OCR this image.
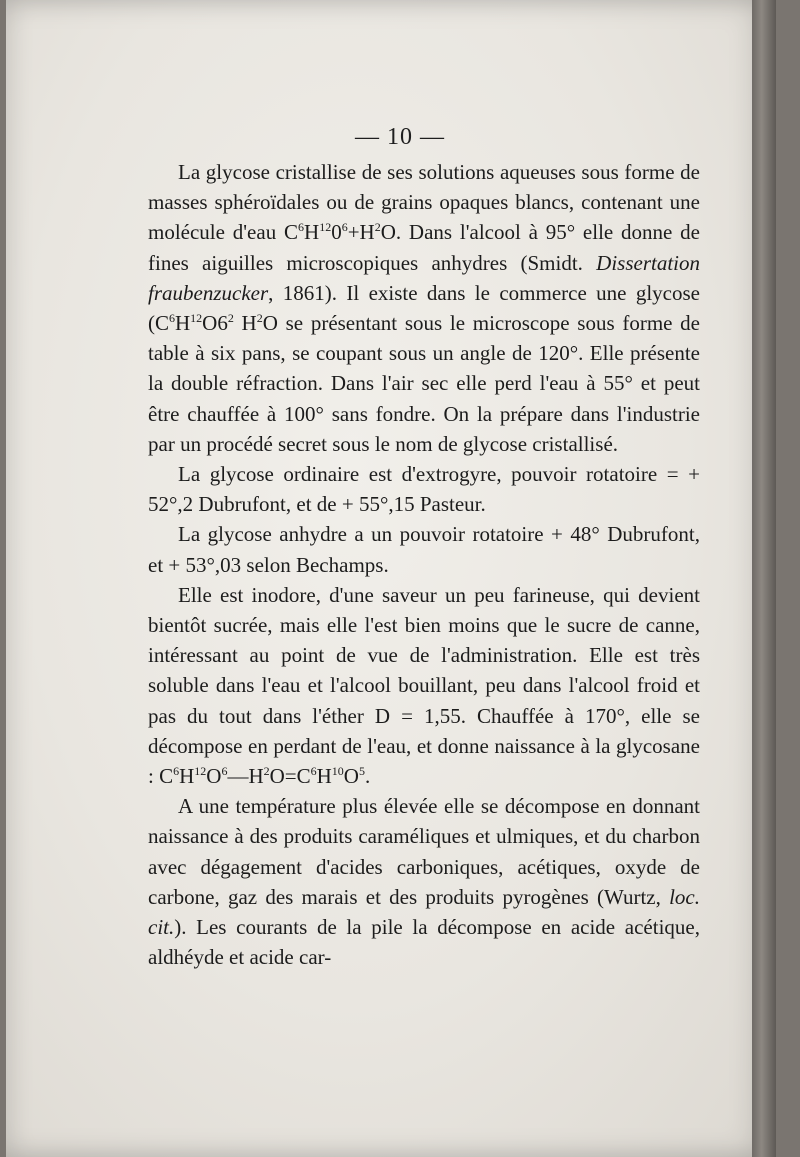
— 10 —

La glycose cristallise de ses solutions aqueuses sous forme de masses sphéroïdales ou de grains opaques blancs, contenant une molécule d'eau $C^6H^{12}0^6+H^2O$. Dans l'alcool à 95° elle donne de fines aiguilles microscopiques anhydres (Smidt. Dissertation fraubenzucker, 1861). Il existe dans le commerce une glycose ($C^6H^{12}O6^2$ $H^2O$ se présentant sous le microscope sous forme de table à six pans, se coupant sous un angle de 120°. Elle présente la double réfraction. Dans l'air sec elle perd l'eau à 55° et peut être chauffée à 100° sans fondre. On la prépare dans l'industrie par un procédé secret sous le nom de glycose cristallisé.

La glycose ordinaire est d'extrogyre, pouvoir rotatoire = + 52°,2 Dubrufont, et de + 55°,15 Pasteur.

La glycose anhydre a un pouvoir rotatoire + 48° Dubrufont, et + 53°,03 selon Bechamps.

Elle est inodore, d'une saveur un peu farineuse, qui devient bientôt sucrée, mais elle l'est bien moins que le sucre de canne, intéressant au point de vue de l'administration. Elle est très soluble dans l'eau et l'alcool bouillant, peu dans l'alcool froid et pas du tout dans l'éther D = 1,55. Chauffée à 170°, elle se décompose en perdant de l'eau, et donne naissance à la glycosane : $C^6H^{12}O^6—H^2O=C^6H^{10}O^5$.

A une température plus élevée elle se décompose en donnant naissance à des produits caraméliques et ulmiques, et du charbon avec dégagement d'acides carboniques, acétiques, oxyde de carbone, gaz des marais et des produits pyrogènes (Wurtz, loc. cit.). Les courants de la pile la décompose en acide acétique, aldhéyde et acide car-
